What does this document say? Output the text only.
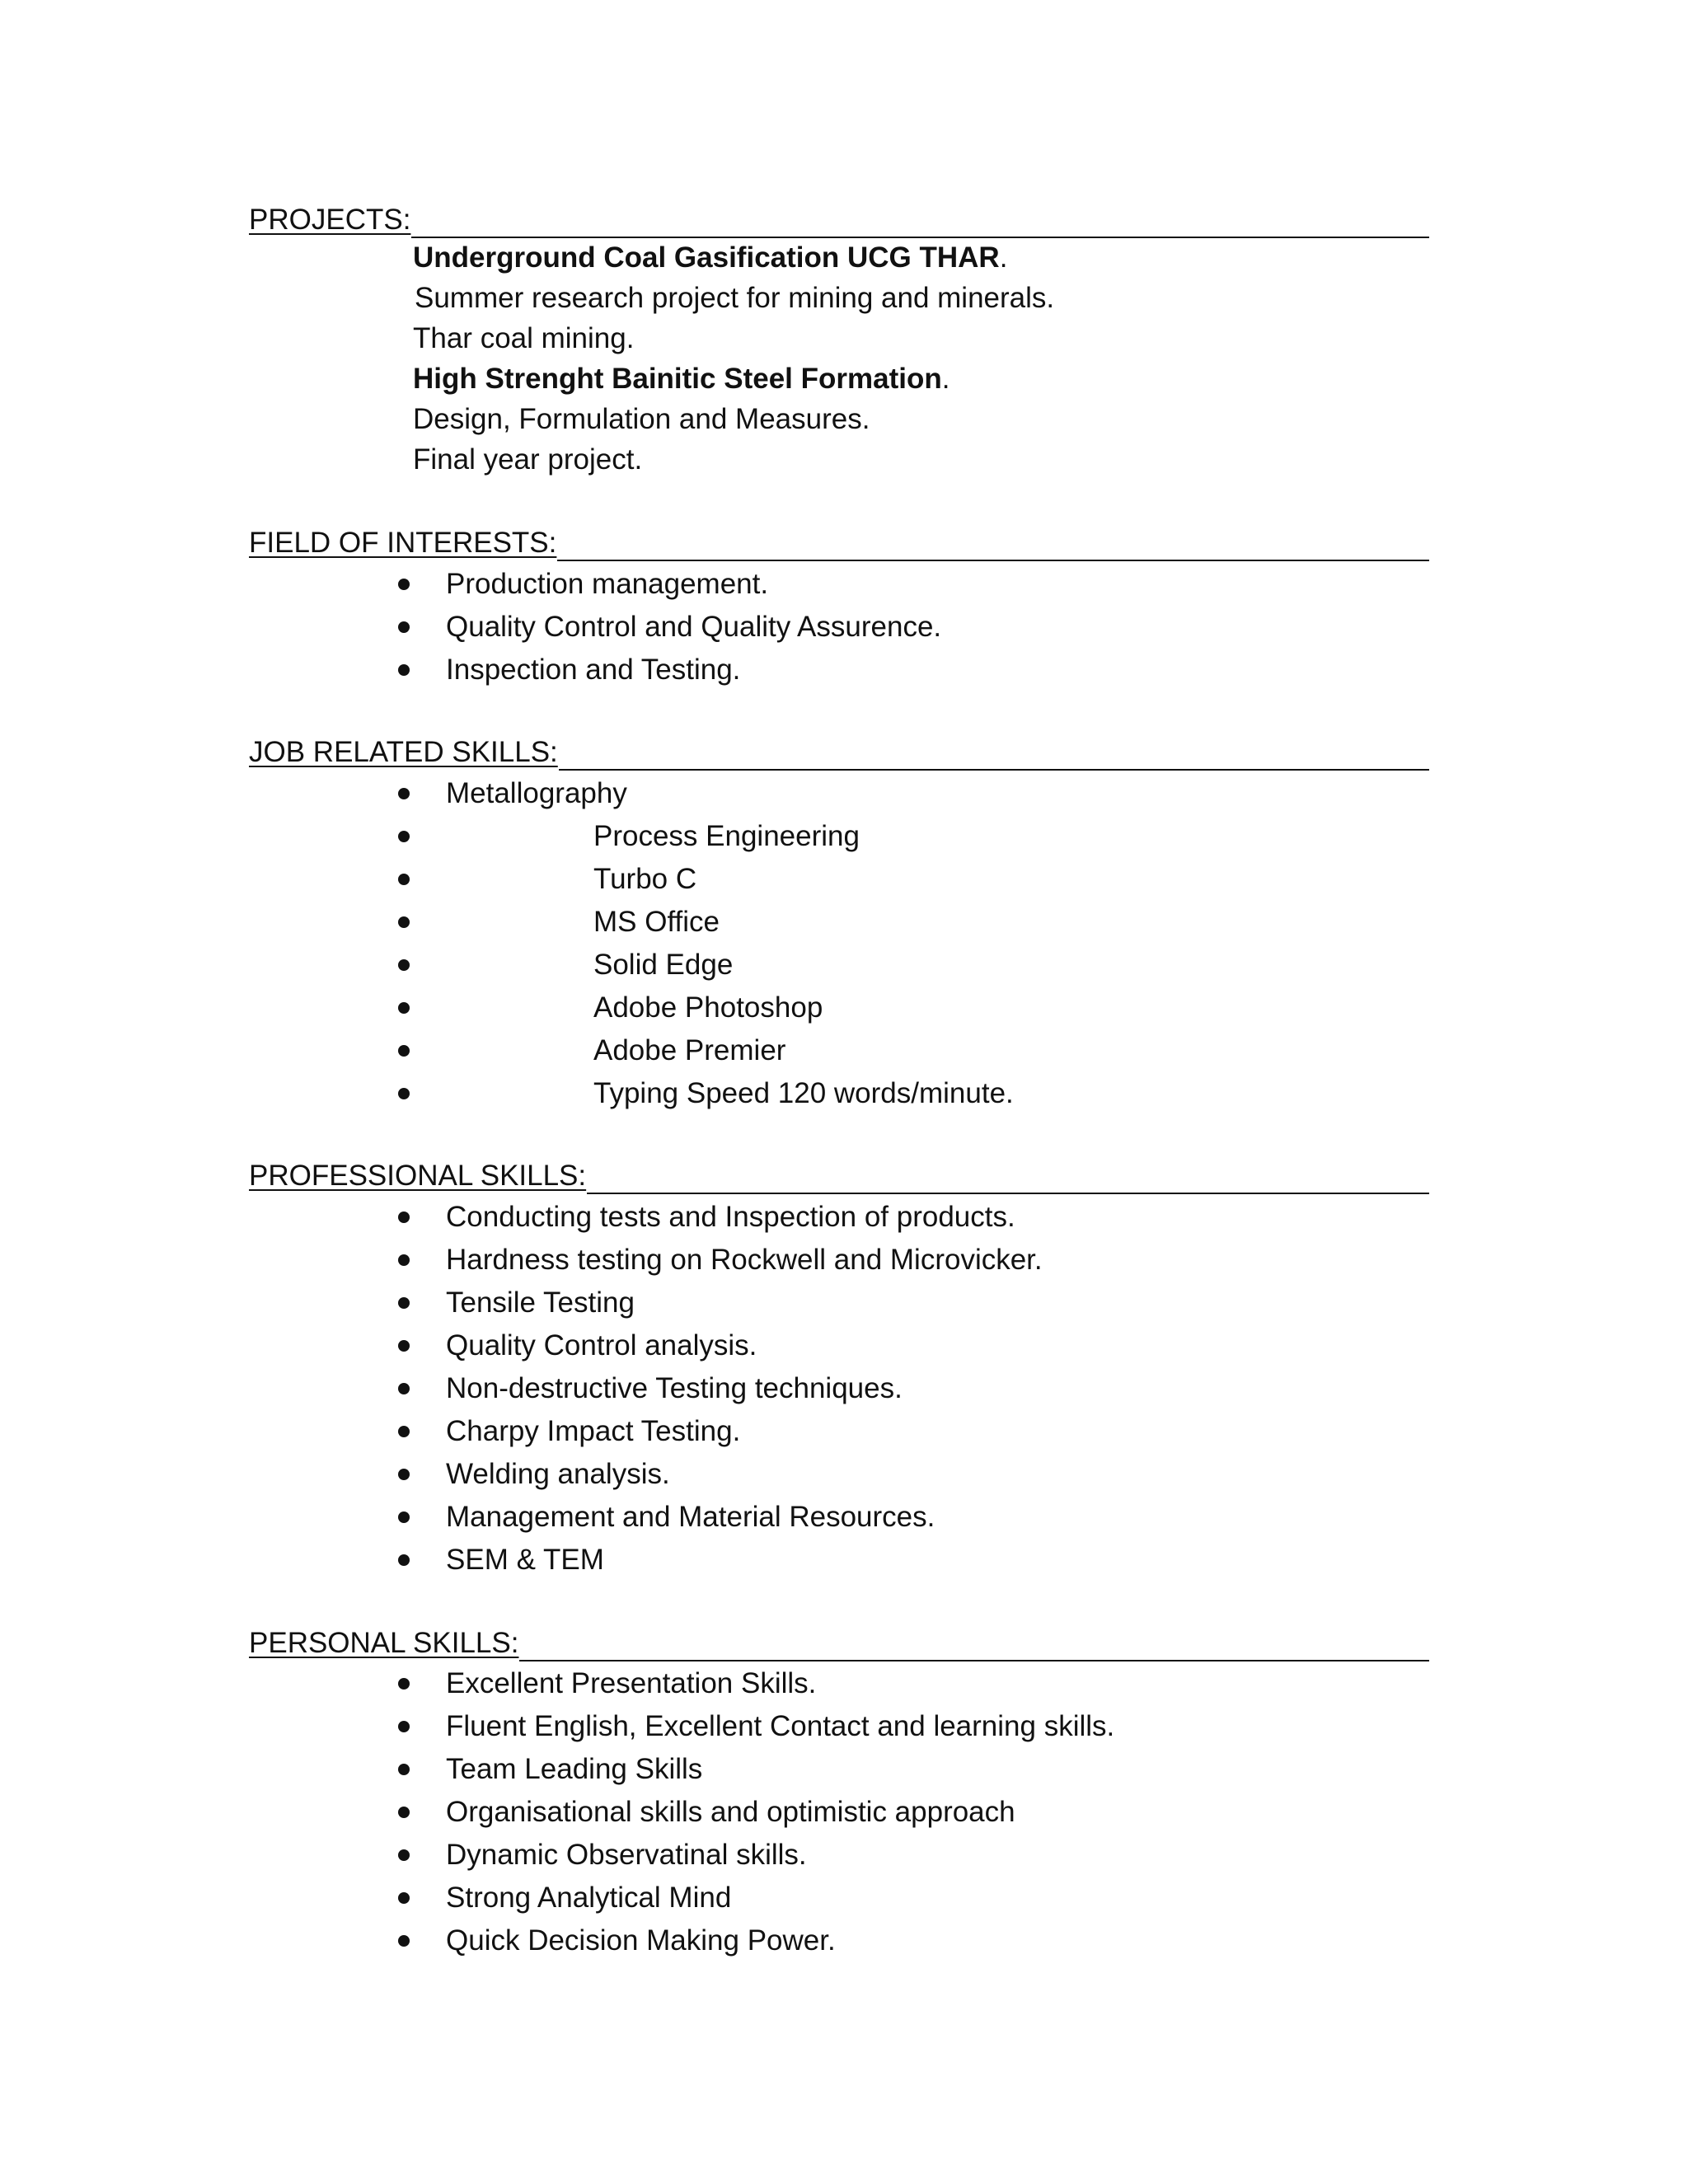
PROJECTS:
Underground Coal Gasification UCG THAR.
Summer research project for mining and minerals.
Thar coal mining.
High Strenght Bainitic Steel Formation.
Design, Formulation and Measures.
Final year project.
FIELD OF INTERESTS:
Production management.
Quality Control and Quality Assurence.
Inspection and Testing.
JOB RELATED SKILLS:
Metallography
Process Engineering
Turbo C
MS Office
Solid Edge
Adobe Photoshop
Adobe Premier
Typing Speed 120 words/minute.
PROFESSIONAL SKILLS:
Conducting tests and Inspection of products.
Hardness testing on Rockwell and Microvicker.
Tensile Testing
Quality Control analysis.
Non-destructive Testing techniques.
Charpy Impact Testing.
Welding analysis.
Management and Material Resources.
SEM & TEM
PERSONAL SKILLS:
Excellent Presentation Skills.
Fluent English, Excellent Contact and learning skills.
Team Leading Skills
Organisational skills and optimistic approach
Dynamic Observatinal skills.
Strong Analytical Mind
Quick Decision Making Power.
